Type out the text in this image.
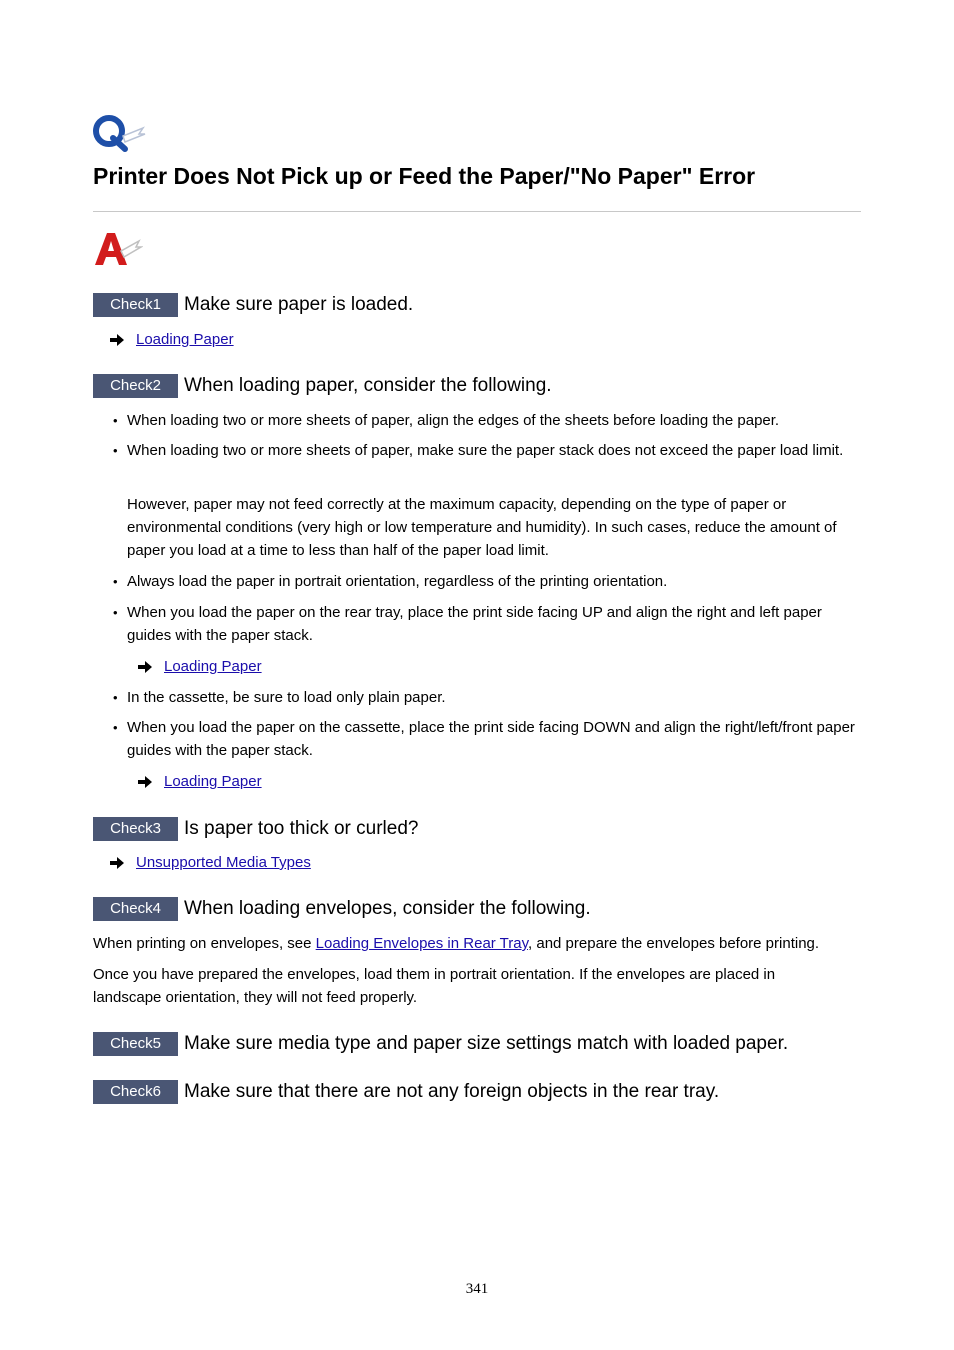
Printer Does Not Pick up or Feed the Paper/"No Paper" Error
Check1	Make sure paper is loaded.
Loading Paper
Check2	When loading paper, consider the following.
• When loading two or more sheets of paper, align the edges of the sheets before loading the paper.
• When loading two or more sheets of paper, make sure the paper stack does not exceed the paper load limit.
However, paper may not feed correctly at the maximum capacity, depending on the type of paper or environmental conditions (very high or low temperature and humidity). In such cases, reduce the amount of paper you load at a time to less than half of the paper load limit.
• Always load the paper in portrait orientation, regardless of the printing orientation.
• When you load the paper on the rear tray, place the print side facing UP and align the right and left paper guides with the paper stack.
Loading Paper
• In the cassette, be sure to load only plain paper.
• When you load the paper on the cassette, place the print side facing DOWN and align the right/left/front paper guides with the paper stack.
Loading Paper
Check3	Is paper too thick or curled?
Unsupported Media Types
Check4	When loading envelopes, consider the following.
When printing on envelopes, see Loading Envelopes in Rear Tray, and prepare the envelopes before printing.
Once you have prepared the envelopes, load them in portrait orientation. If the envelopes are placed in landscape orientation, they will not feed properly.
Check5	Make sure media type and paper size settings match with loaded paper.
Check6	Make sure that there are not any foreign objects in the rear tray.
341
